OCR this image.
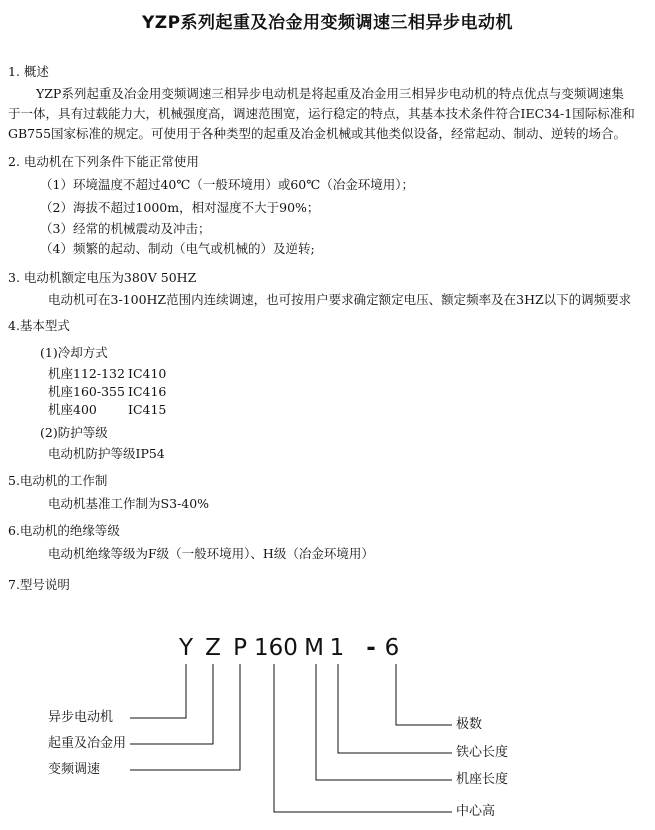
YZP系列起重及冶金用变频调速三相异步电动机
1. 概述
YZP系列起重及冶金用变频调速三相异步电动机是将起重及冶金用三相异步电动机的特点优点与变频调速集于一体，具有过载能力大，机械强度高，调速范围宽，运行稳定的特点，其基本技术条件符合IEC34-1国际标准和GB755国家标准的规定。可使用于各种类型的起重及冶金机械或其他类似设备，经常起动、制动、逆转的场合。
2. 电动机在下列条件下能正常使用
（1）环境温度不超过40℃（一般环境用）或60℃（冶金环境用）；
（2）海拔不超过1000m，相对湿度不大于90%；
（3）经常的机械震动及冲击；
（4）频繁的起动、制动（电气或机械的）及逆转;
3. 电动机额定电压为380V 50HZ
电动机可在3-100HZ范围内连续调速，也可按用户要求确定额定电压、额定频率及在3HZ以下的调频要求
4.基本型式
(1)冷却方式
机座112-132 IC410
机座160-355 IC416
机座400 IC415
(2)防护等级
电动机防护等级IP54
5.电动机的工作制
电动机基准工作制为S3-40%
6.电动机的绝缘等级
电动机绝缘等级为F级（一般环境用）、H级（冶金环境用）
7.型号说明
Y Z P 160 M 1 - 6
异步电动机
起重及冶金用
变频调速
极数
铁心长度
机座长度
中心高
